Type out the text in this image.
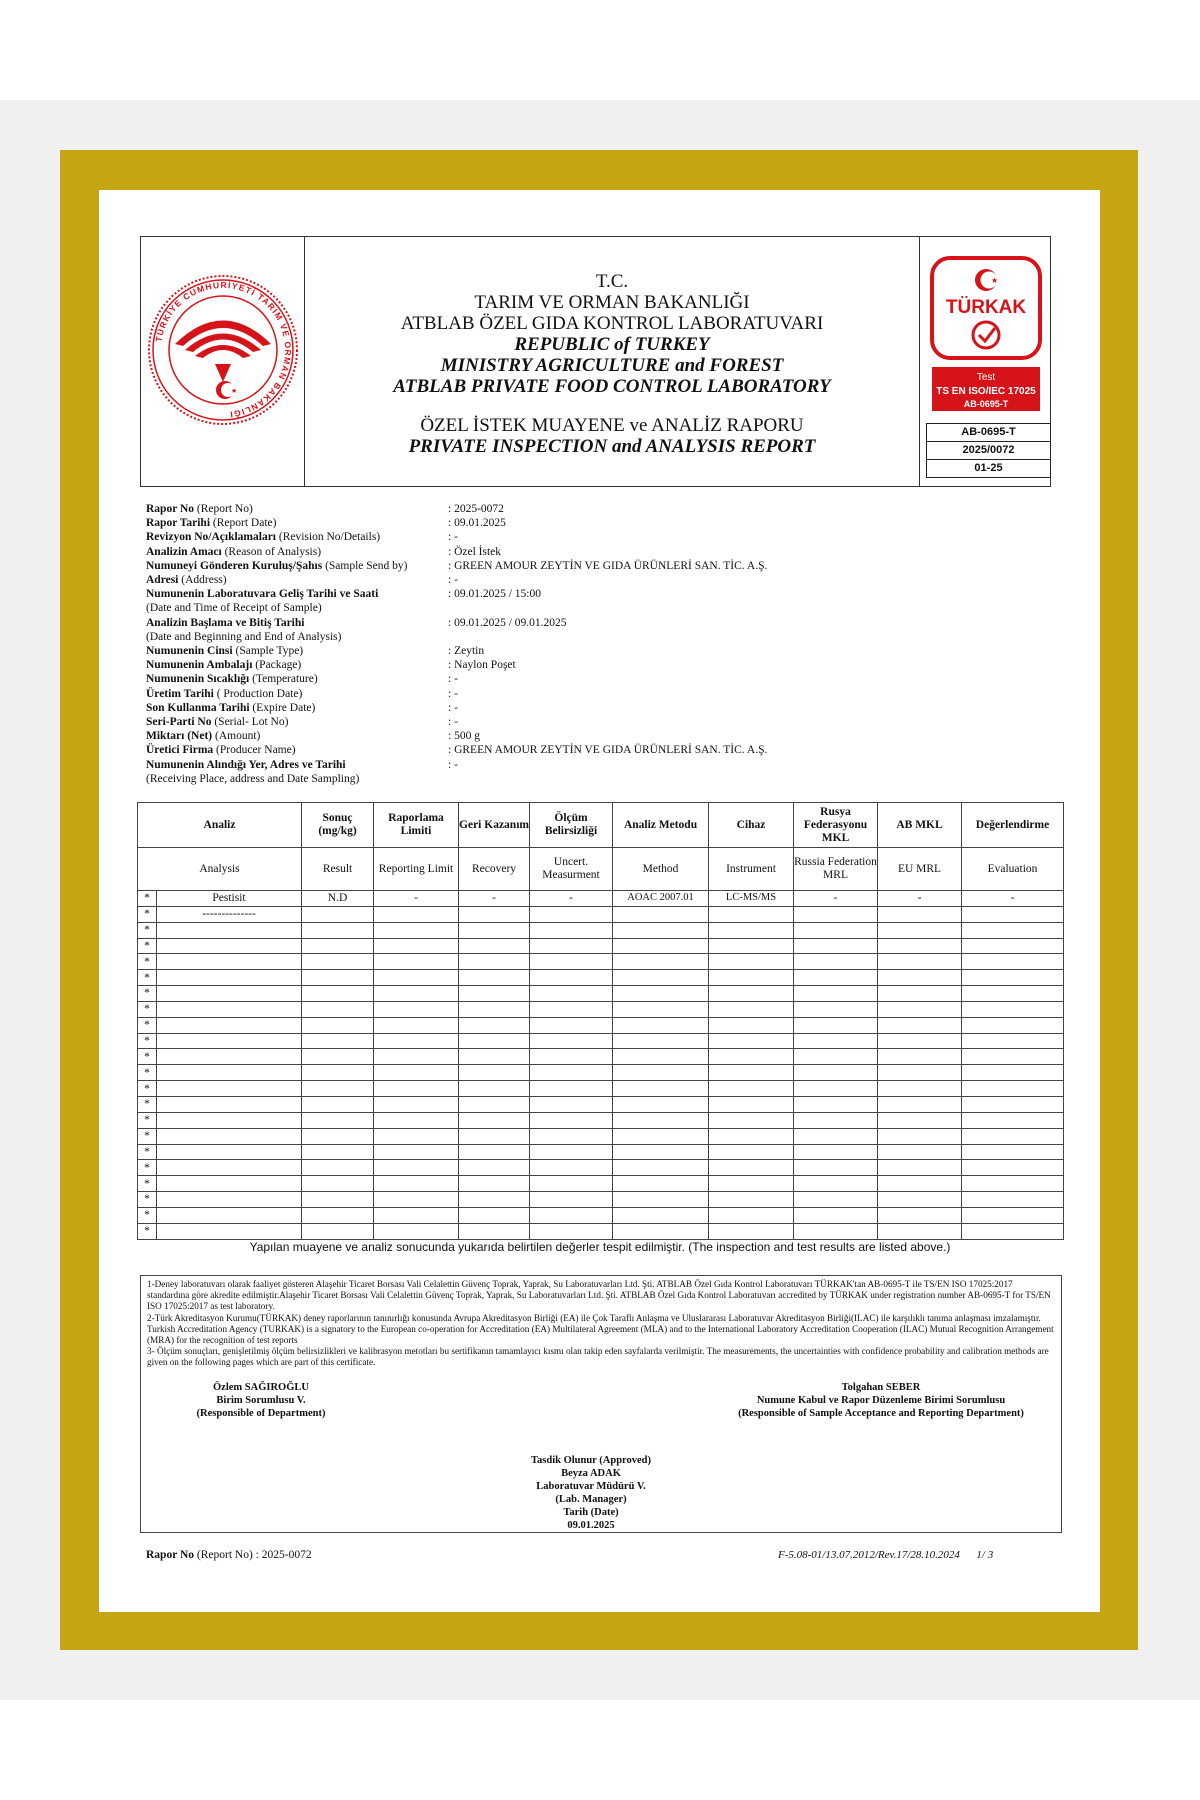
TÜRKİYE CUMHURİYETİ TARIM VE ORMAN BAKANLIĞI
★
T.C.
TARIM VE ORMAN BAKANLIĞI
ATBLAB ÖZEL GIDA KONTROL LABORATUVARI
REPUBLIC of TURKEY
MINISTRY AGRICULTURE and FOREST
ATBLAB PRIVATE FOOD CONTROL LABORATORY
ÖZEL İSTEK MUAYENE ve ANALİZ RAPORU
PRIVATE INSPECTION and ANALYSIS REPORT
★
TÜRKAK
Test
TS EN ISO/IEC 17025
AB-0695-T
AB-0695-T
2025/0072
01-25
Rapor No (Report No)	: 2025-0072
Rapor Tarihi (Report Date)	: 09.01.2025
Revizyon No/Açıklamaları (Revision No/Details)	: -
Analizin Amacı (Reason of Analysis)	: Özel İstek
Numuneyi Gönderen Kuruluş/Şahıs (Sample Send by)	: GREEN AMOUR ZEYTİN VE GIDA ÜRÜNLERİ SAN. TİC. A.Ş.
Adresi (Address)	: -
Numunenin Laboratuvara Geliş Tarihi ve Saati	: 09.01.2025 / 15:00
(Date and Time of Receipt of Sample)
Analizin Başlama ve Bitiş Tarihi	: 09.01.2025 / 09.01.2025
(Date and Beginning and End of Analysis)
Numunenin Cinsi (Sample Type)	: Zeytin
Numunenin Ambalajı (Package)	: Naylon Poşet
Numunenin Sıcaklığı (Temperature)	: -
Üretim Tarihi ( Production Date)	: -
Son Kullanma Tarihi (Expire Date)	: -
Seri-Parti No (Serial- Lot No)	: -
Miktarı (Net) (Amount)	: 500 g
Üretici Firma (Producer Name)	: GREEN AMOUR ZEYTİN VE GIDA ÜRÜNLERİ SAN. TİC. A.Ş.
Numunenin Alındığı Yer, Adres ve Tarihi	: -
(Receiving Place, address and Date Sampling)
Analiz		Sonuç (mg/kg)	Raporlama Limiti	Geri Kazanım	Ölçüm Belirsizliği	Analiz Metodu	Cihaz	Rusya Federasyonu MKL	AB MKL	Değerlendirme
Analysis		Result	Reporting Limit	Recovery	Uncert. Measurment	Method	Instrument	Russia Federation MRL	EU MRL	Evaluation
*	Pestisit	N.D	-	-	-	AOAC 2007.01	LC-MS/MS	-	-	-
*	--------------									
*										
*										
*										
*										
*										
*										
*										
*										
*										
*										
*										
*										
*										
*										
*										
*										
*										
*										
*										
*										
Yapılan muayene ve analiz sonucunda yukarıda belirtilen değerler tespit edilmiştir. (The inspection and test results are listed above.)
1-Deney laboratuvarı olarak faaliyet gösteren Alaşehir Ticaret Borsası Vali Celalettin Güvenç Toprak, Yaprak, Su Laboratuvarları Ltd. Şti. ATBLAB Özel Gıda Kontrol Laboratuvarı TÜRKAK'tan AB-0695-T ile TS/EN ISO 17025:2017 standardına göre akredite edilmiştir.Alaşehir Ticaret Borsası Vali Celalettin Güvenç Toprak, Yaprak, Su Laboratuvarları Ltd. Şti. ATBLAB Özel Gıda Kontrol Laboratuvarı accredited by TÜRKAK under registration number AB-0695-T for TS/EN ISO 17025:2017 as test laboratory.
2-Türk Akreditasyon Kurumu(TÜRKAK) deney raporlarının tanınırlığı konusunda Avrupa Akreditasyon Birliği (EA) ile Çok Taraflı Anlaşma ve Uluslararası Laboratuvar Akreditasyon Birliği(ILAC) ile karşılıklı tanıma anlaşması imzalamıştır. Turkish Accreditation Agency (TURKAK) is a signatory to the European co-operation for Accreditation (EA) Multilateral Agreement (MLA) and to the International Laboratory Accreditation Cooperation (ILAC) Mutual Recognition Arrangement (MRA) for the recognition of test reports
3- Ölçüm sonuçları, genişletilmiş ölçüm belirsizlikleri ve kalibrasyon metotları bu sertifikanın tamamlayıcı kısmı olan takip eden sayfalarda verilmiştir. The measurements, the uncertainties with confidence probability and calibration methods are given on the following pages which are part of this certificate.
Özlem SAĞIROĞLU
Birim Sorumlusu V.
(Responsible of Department)
Tolgahan SEBER
Numune Kabul ve Rapor Düzenleme Birimi Sorumlusu
(Responsible of Sample Acceptance and Reporting Department)
Tasdik Olunur (Approved)
Beyza ADAK
Laboratuvar Müdürü V.
(Lab. Manager)
Tarih (Date)
09.01.2025
Rapor No (Report No) : 2025-0072	F-5.08-01/13.07.2012/Rev.17/28.10.2024 1/ 3
